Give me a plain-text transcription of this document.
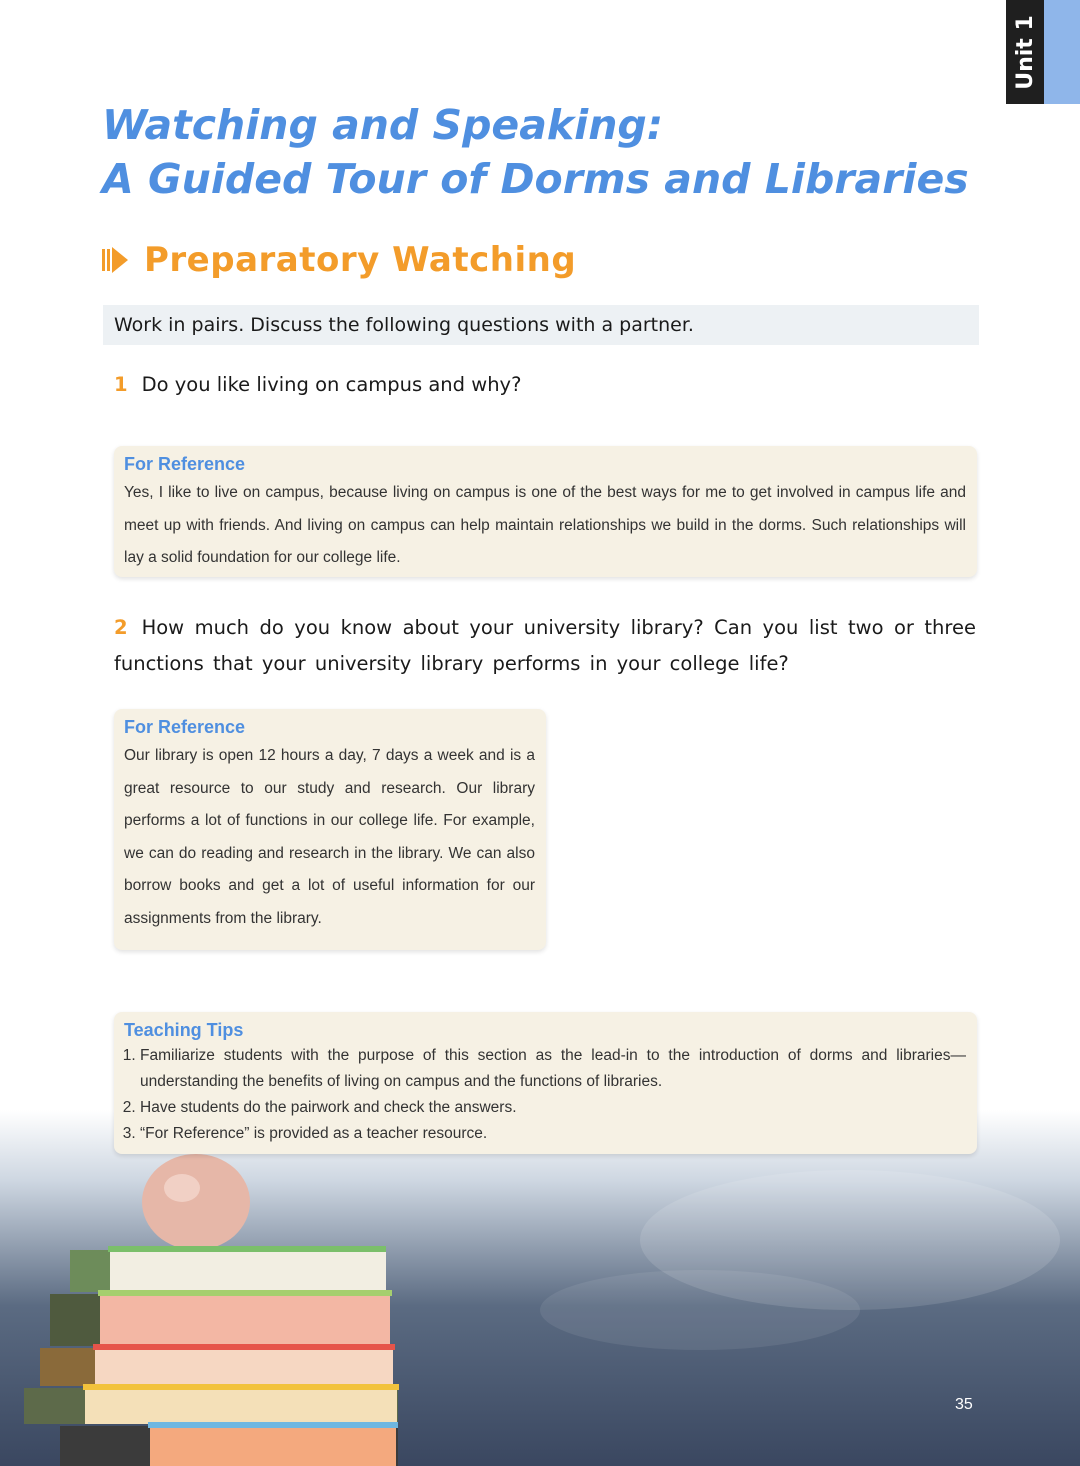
Unit 1
Watching and Speaking:
A Guided Tour of Dorms and Libraries
Preparatory Watching
Work in pairs. Discuss the following questions with a partner.
1 Do you like living on campus and why?
For Reference

Yes, I like to live on campus, because living on campus is one of the best ways for me to get involved in campus life and meet up with friends. And living on campus can help maintain relationships we build in the dorms. Such relationships will lay a solid foundation for our college life.

2 How much do you know about your university library? Can you list two or three functions that your university library performs in your college life?
For Reference

Our library is open 12 hours a day, 7 days a week and is a great resource to our study and research. Our library performs a lot of functions in our college life. For example, we can do reading and research in the library. We can also borrow books and get a lot of useful information for our assignments from the library.

Teaching Tips
1. Familiarize students with the purpose of this section as the lead-in to the introduction of dorms and libraries—understanding the benefits of living on campus and the functions of libraries.
2. Have students do the pairwork and check the answers.
3. “For Reference” is provided as a teacher resource.
35
